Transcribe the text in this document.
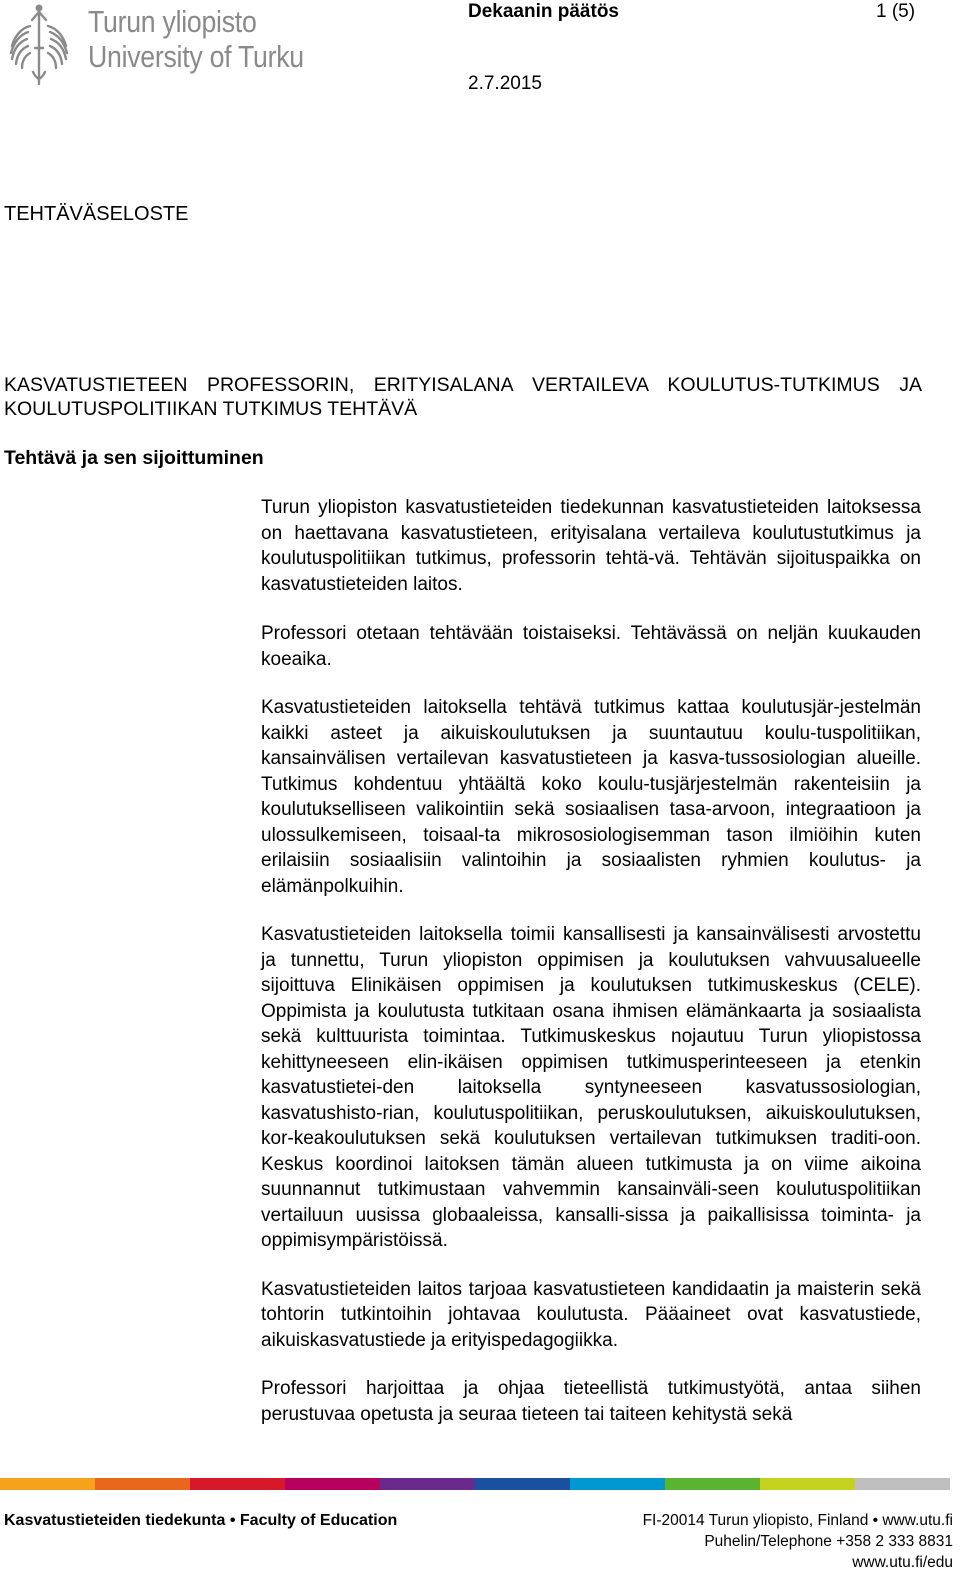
Turun yliopisto
University of Turku
Dekaanin päätös	1 (5)
2.7.2015
TEHTÄVÄSELOSTE
KASVATUSTIETEEN PROFESSORIN, ERITYISALANA VERTAILEVA KOULUTUS-TUTKIMUS JA KOULUTUSPOLITIIKAN TUTKIMUS TEHTÄVÄ
Tehtävä ja sen sijoittuminen

Turun yliopiston kasvatustieteiden tiedekunnan kasvatustieteiden laitoksessa on haettavana kasvatustieteen, erityisalana vertaileva koulutustutkimus ja koulutuspolitiikan tutkimus, professorin tehtä-vä. Tehtävän sijoituspaikka on kasvatustieteiden laitos.

Professori otetaan tehtävään toistaiseksi. Tehtävässä on neljän kuukauden koeaika.

Kasvatustieteiden laitoksella tehtävä tutkimus kattaa koulutusjär-jestelmän kaikki asteet ja aikuiskoulutuksen ja suuntautuu koulu-tuspolitiikan, kansainvälisen vertailevan kasvatustieteen ja kasva-tussosiologian alueille. Tutkimus kohdentuu yhtäältä koko koulu-tusjärjestelmän rakenteisiin ja koulutukselliseen valikointiin sekä sosiaalisen tasa-arvoon, integraatioon ja ulossulkemiseen, toisaal-ta mikrososiologisemman tason ilmiöihin kuten erilaisiin sosiaalisiin valintoihin ja sosiaalisten ryhmien koulutus- ja elämänpolkuihin.

Kasvatustieteiden laitoksella toimii kansallisesti ja kansainvälisesti arvostettu ja tunnettu, Turun yliopiston oppimisen ja koulutuksen vahvuusalueelle sijoittuva Elinikäisen oppimisen ja koulutuksen tutkimuskeskus (CELE). Oppimista ja koulutusta tutkitaan osana ihmisen elämänkaarta ja sosiaalista sekä kulttuurista toimintaa. Tutkimuskeskus nojautuu Turun yliopistossa kehittyneeseen elin-ikäisen oppimisen tutkimusperinteeseen ja etenkin kasvatustietei-den laitoksella syntyneeseen kasvatussosiologian, kasvatushisto-rian, koulutuspolitiikan, peruskoulutuksen, aikuiskoulutuksen, kor-keakoulutuksen sekä koulutuksen vertailevan tutkimuksen traditi-oon. Keskus koordinoi laitoksen tämän alueen tutkimusta ja on viime aikoina suunnannut tutkimustaan vahvemmin kansainväli-seen koulutuspolitiikan vertailuun uusissa globaaleissa, kansalli-sissa ja paikallisissa toiminta- ja oppimisympäristöissä.

Kasvatustieteiden laitos tarjoaa kasvatustieteen kandidaatin ja maisterin sekä tohtorin tutkintoihin johtavaa koulutusta. Pääaineet ovat kasvatustiede, aikuiskasvatustiede ja erityispedagogiikka.

Professori harjoittaa ja ohjaa tieteellistä tutkimustyötä, antaa siihen perustuvaa opetusta ja seuraa tieteen tai taiteen kehitystä sekä

Kasvatustieteiden tiedekunta • Faculty of Education	FI-20014 Turun yliopisto, Finland • www.utu.fi
Puhelin/Telephone +358 2 333 8831
www.utu.fi/edu
